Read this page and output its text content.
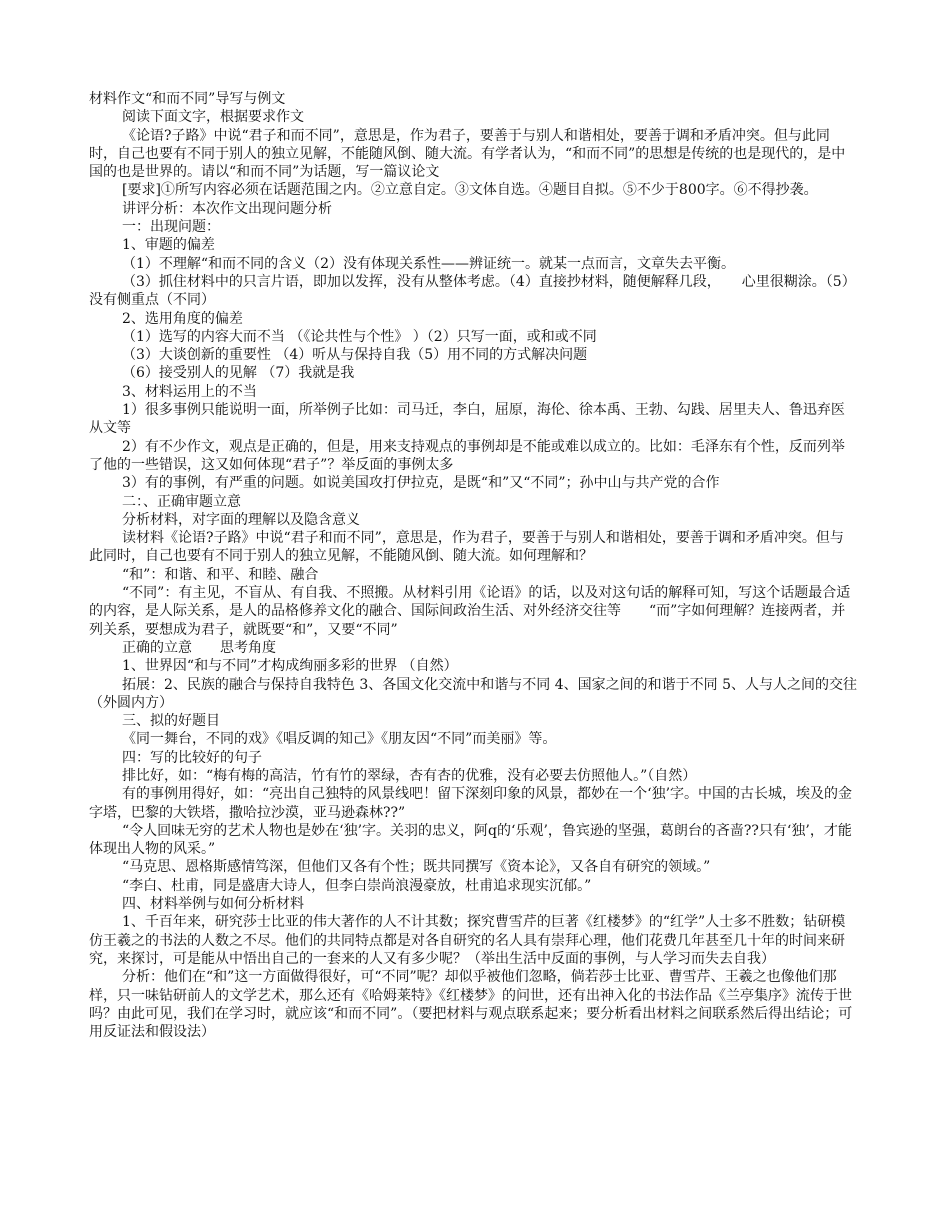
材料作文“和而不同”导写与例文

阅读下面文字，根据要求作文

《论语?子路》中说“君子和而不同”，意思是，作为君子，要善于与别人和谐相处，要善于调和矛盾冲突。但与此同时，自己也要有不同于别人的独立见解，不能随风倒、随大流。有学者认为，“和而不同”的思想是传统的也是现代的，是中国的也是世界的。请以“和而不同”为话题，写一篇议论文

[要求]①所写内容必须在话题范围之内。②立意自定。③文体自选。④题目自拟。⑤不少于800字。⑥不得抄袭。

讲评分析：本次作文出现问题分析

一：出现问题：

1、审题的偏差

（1）不理解“和而不同的含义（2）没有体现关系性——辨证统一。就某一点而言，文章失去平衡。

（3）抓住材料中的只言片语，即加以发挥，没有从整体考虑。（4）直接抄材料，随便解释几段，　　心里很糊涂。（5）没有侧重点（不同）

2、选用角度的偏差

（1）选写的内容大而不当 （《论共性与个性》 ）（2）只写一面，或和或不同

（3）大谈创新的重要性 （4）听从与保持自我（5）用不同的方式解决问题

（6）接受别人的见解 （7）我就是我

3、材料运用上的不当

1）很多事例只能说明一面，所举例子比如：司马迁，李白，屈原，海伦、徐本禹、王勃、勾践、居里夫人、鲁迅弃医从文等

2）有不少作文，观点是正确的，但是，用来支持观点的事例却是不能或难以成立的。比如：毛泽东有个性，反而列举了他的一些错误，这又如何体现“君子”？举反面的事例太多

3）有的事例，有严重的问题。如说美国攻打伊拉克，是既“和”又“不同”；孙中山与共产党的合作

二：、正确审题立意

分析材料，对字面的理解以及隐含意义

读材料《论语?子路》中说“君子和而不同”，意思是，作为君子，要善于与别人和谐相处，要善于调和矛盾冲突。但与此同时，自己也要有不同于别人的独立见解，不能随风倒、随大流。如何理解和？

“和”：和谐、和平、和睦、融合

“不同”：有主见，不盲从、有自我、不照搬。从材料引用《论语》的话，以及对这句话的解释可知，写这个话题最合适的内容，是人际关系，是人的品格修养文化的融合、国际间政治生活、对外经济交往等　　“而”字如何理解？连接两者，并列关系，要想成为君子，就既要“和”，又要“不同”

正确的立意　　思考角度

1、世界因“和与不同”才构成绚丽多彩的世界 （自然）

拓展：2、民族的融合与保持自我特色 3、各国文化交流中和谐与不同 4、国家之间的和谐于不同 5、人与人之间的交往（外圆内方）

三、拟的好题目

《同一舞台，不同的戏》《唱反调的知己》《朋友因“不同”而美丽》等。

四：写的比较好的句子

排比好，如：“梅有梅的高洁，竹有竹的翠绿，杏有杏的优雅，没有必要去仿照他人。”（自然）

有的事例用得好，如：“亮出自己独特的风景线吧！留下深刻印象的风景，都妙在一个‘独’字。中国的古长城，埃及的金字塔，巴黎的大铁塔，撒哈拉沙漠，亚马逊森林??”

“令人回味无穷的艺术人物也是妙在‘独’字。关羽的忠义，阿q的‘乐观’，鲁宾逊的坚强，葛朗台的吝啬??只有‘独’，才能体现出人物的风采。”

“马克思、恩格斯感情笃深，但他们又各有个性；既共同撰写《资本论》，又各自有研究的领域。”

“李白、杜甫，同是盛唐大诗人，但李白崇尚浪漫豪放，杜甫追求现实沉郁。”

四、材料举例与如何分析材料

1、千百年来，研究莎士比亚的伟大著作的人不计其数；探究曹雪芹的巨著《红楼梦》的“红学”人士多不胜数；钻研模仿王羲之的书法的人数之不尽。他们的共同特点都是对各自研究的名人具有崇拜心理，他们花费几年甚至几十年的时间来研究，来探讨，可是能从中悟出自己的一套来的人又有多少呢？（举出生活中反面的事例，与人学习而失去自我）

分析：他们在“和”这一方面做得很好，可“不同”呢？却似乎被他们忽略，倘若莎士比亚、曹雪芹、王羲之也像他们那样，只一味钻研前人的文学艺术，那么还有《哈姆莱特》《红楼梦》的问世，还有出神入化的书法作品《兰亭集序》流传于世吗？由此可见，我们在学习时，就应该“和而不同”。（要把材料与观点联系起来；要分析看出材料之间联系然后得出结论；可用反证法和假设法）
